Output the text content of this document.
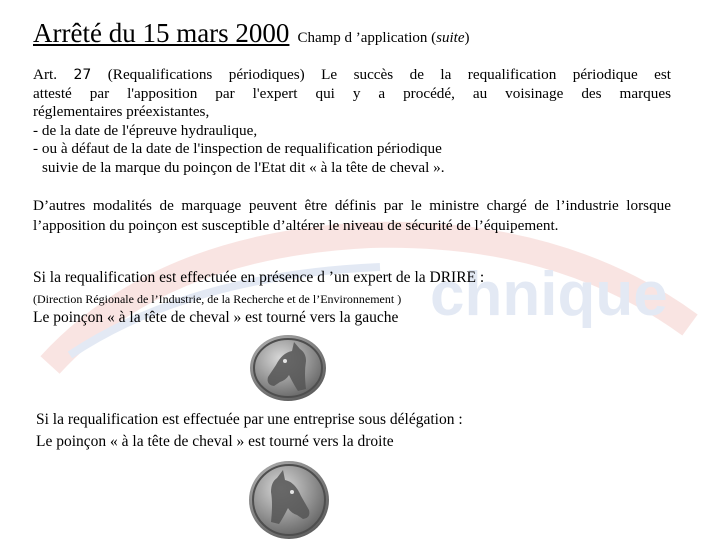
chnique
Arrêté du 15 mars 2000 Champ d ’application (suite)

Art. 27 (Requalifications périodiques) Le succès de la requalification périodique est

attesté par l'apposition par l'expert qui y a procédé, au voisinage des marques

réglementaires préexistantes,

- de la date de l'épreuve hydraulique,

- ou à défaut de la date de l'inspection de requalification périodique

suivie de la marque du poinçon de l'Etat dit « à la tête de cheval ».

D’autres modalités de marquage peuvent être définis par le ministre chargé de l’industrie lorsque l’apposition du poinçon est susceptible d’altérer le niveau de sécurité de l’équipement.
Si la requalification est effectuée en présence d ’un expert de la DRIRE :
(Direction Régionale de l’Industrie, de la Recherche et de l’Environnement )
Le poinçon « à la tête de cheval » est tourné vers la gauche
Si la requalification est effectuée par une entreprise sous délégation :
Le poinçon « à la tête de cheval » est tourné vers la droite
